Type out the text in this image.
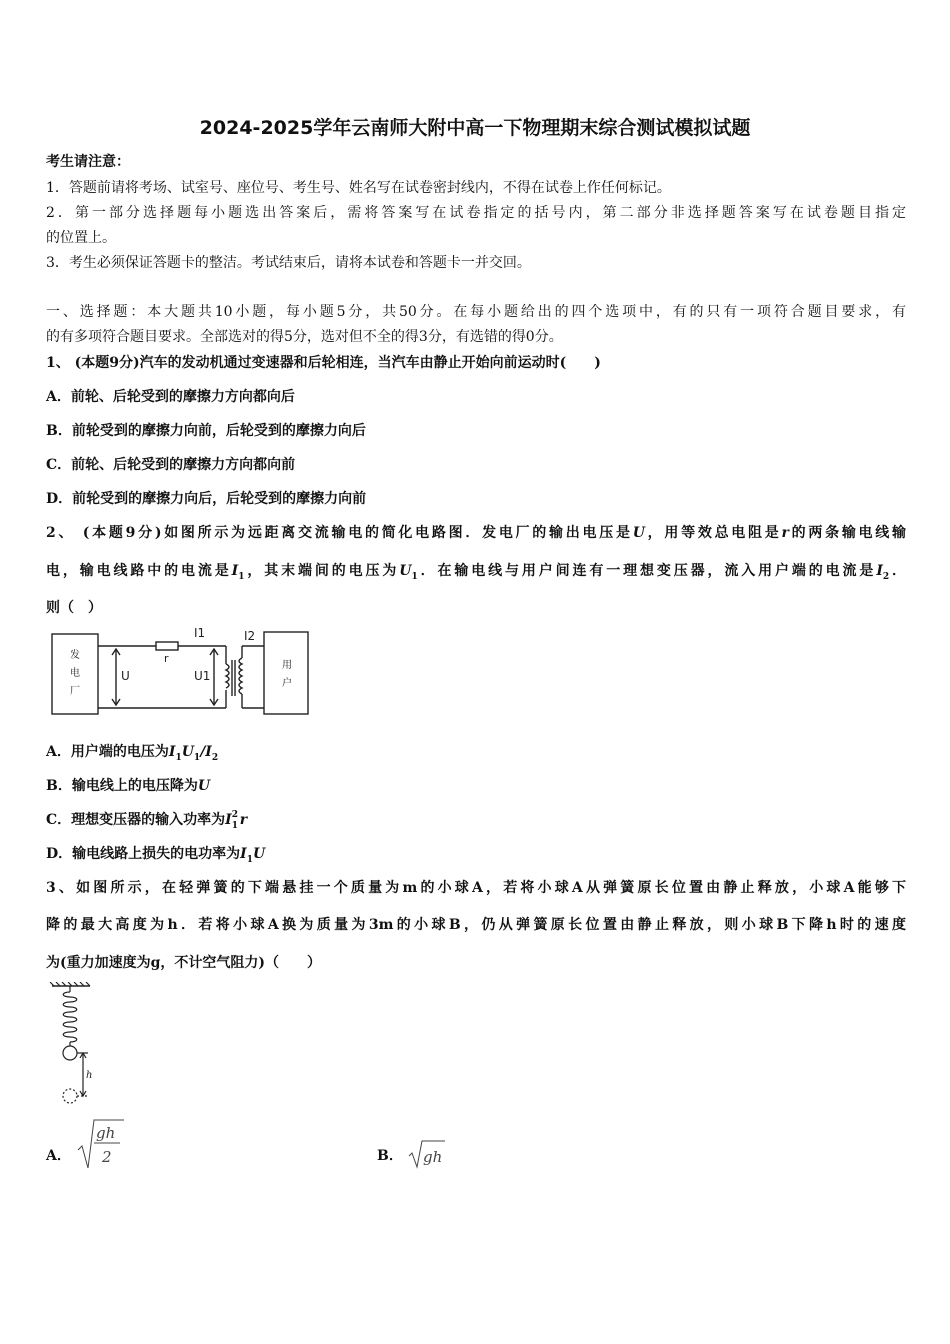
2024-2025学年云南师大附中高一下物理期末综合测试模拟试题
考生请注意：
1．答题前请将考场、试室号、座位号、考生号、姓名写在试卷密封线内，不得在试卷上作任何标记。
2．第一部分选择题每小题选出答案后，需将答案写在试卷指定的括号内，第二部分非选择题答案写在试卷题目指定
的位置上。
3．考生必须保证答题卡的整洁。考试结束后，请将本试卷和答题卡一并交回。
一、选择题：本大题共10小题，每小题5分，共50分。在每小题给出的四个选项中，有的只有一项符合题目要求，有
的有多项符合题目要求。全部选对的得5分，选对但不全的得3分，有选错的得0分。
1、 (本题9分)汽车的发动机通过变速器和后轮相连，当汽车由静止开始向前运动时(　　)
A．前轮、后轮受到的摩擦力方向都向后
B．前轮受到的摩擦力向前，后轮受到的摩擦力向后
C．前轮、后轮受到的摩擦力方向都向前
D．前轮受到的摩擦力向后，后轮受到的摩擦力向前
2、 (本题9分)如图所示为远距离交流输电的简化电路图．发电厂的输出电压是U，用等效总电阻是r的两条输电线输
电，输电线路中的电流是$I_1$，其末端间的电压为$U_1$．在输电线与用户间连有一理想变压器，流入用户端的电流是$I_2$．
则（　）
发
电
厂
用
户
U
r
I1	I2
U1
A．用户端的电压为$I_1U_1/I_2$
B．输电线上的电压降为U
C．理想变压器的输入功率为I 2
1 r
D．输电线路上损失的电功率为$I_1U$
3、如图所示，在轻弹簧的下端悬挂一个质量为m的小球A，若将小球A从弹簧原长位置由静止释放，小球A能够下
降的最大高度为h．若将小球A换为质量为3m的小球B，仍从弹簧原长位置由静止释放，则小球B下降h时的速度
为(重力加速度为g，不计空气阻力)（　　）
h
A．
gh
2	B． gh
